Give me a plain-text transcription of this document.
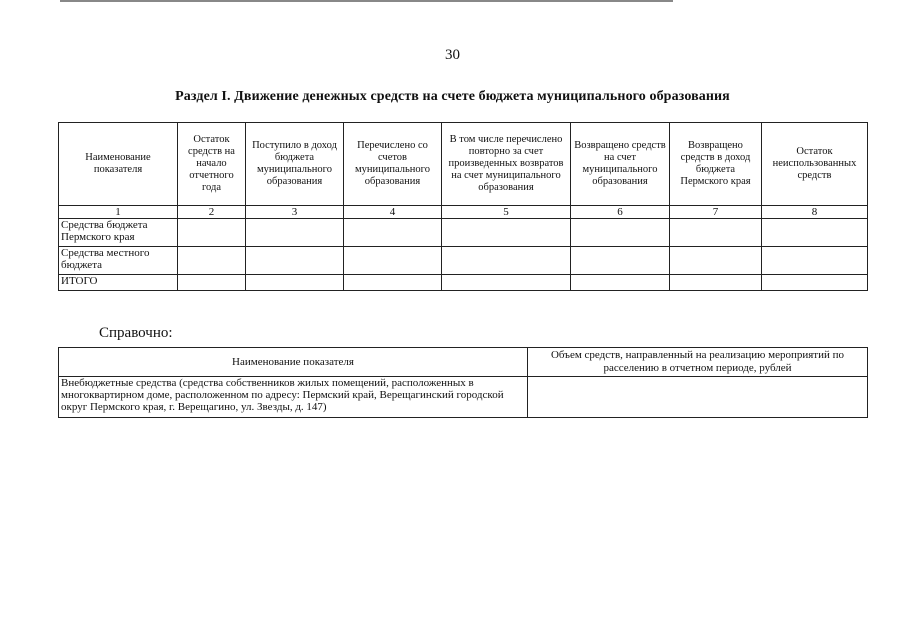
30
Раздел I. Движение денежных средств на счете бюджета муниципального образования
Наименование показателя	Остаток средств на начало отчетного года	Поступило в доход бюджета муниципального образования	Перечислено со счетов муниципального образования	В том числе перечислено повторно за счет произведенных возвратов на счет муниципального образования	Возвращено средств на счет муниципального образования	Возвращено средств в доход бюджета Пермского края	Остаток неиспользованных средств
1	2	3	4	5	6	7	8
Средства бюджета Пермского края							
Средства местного бюджета							
ИТОГО							
Справочно:
Наименование показателя	Объем средств, направленный на реализацию мероприятий по расселению в отчетном периоде, рублей
Внебюджетные средства (средства собственников жилых помещений, расположенных в многоквартирном доме, расположенном по адресу: Пермский край, Верещагинский городской округ Пермского края, г. Верещагино, ул. Звезды, д. 147)	
